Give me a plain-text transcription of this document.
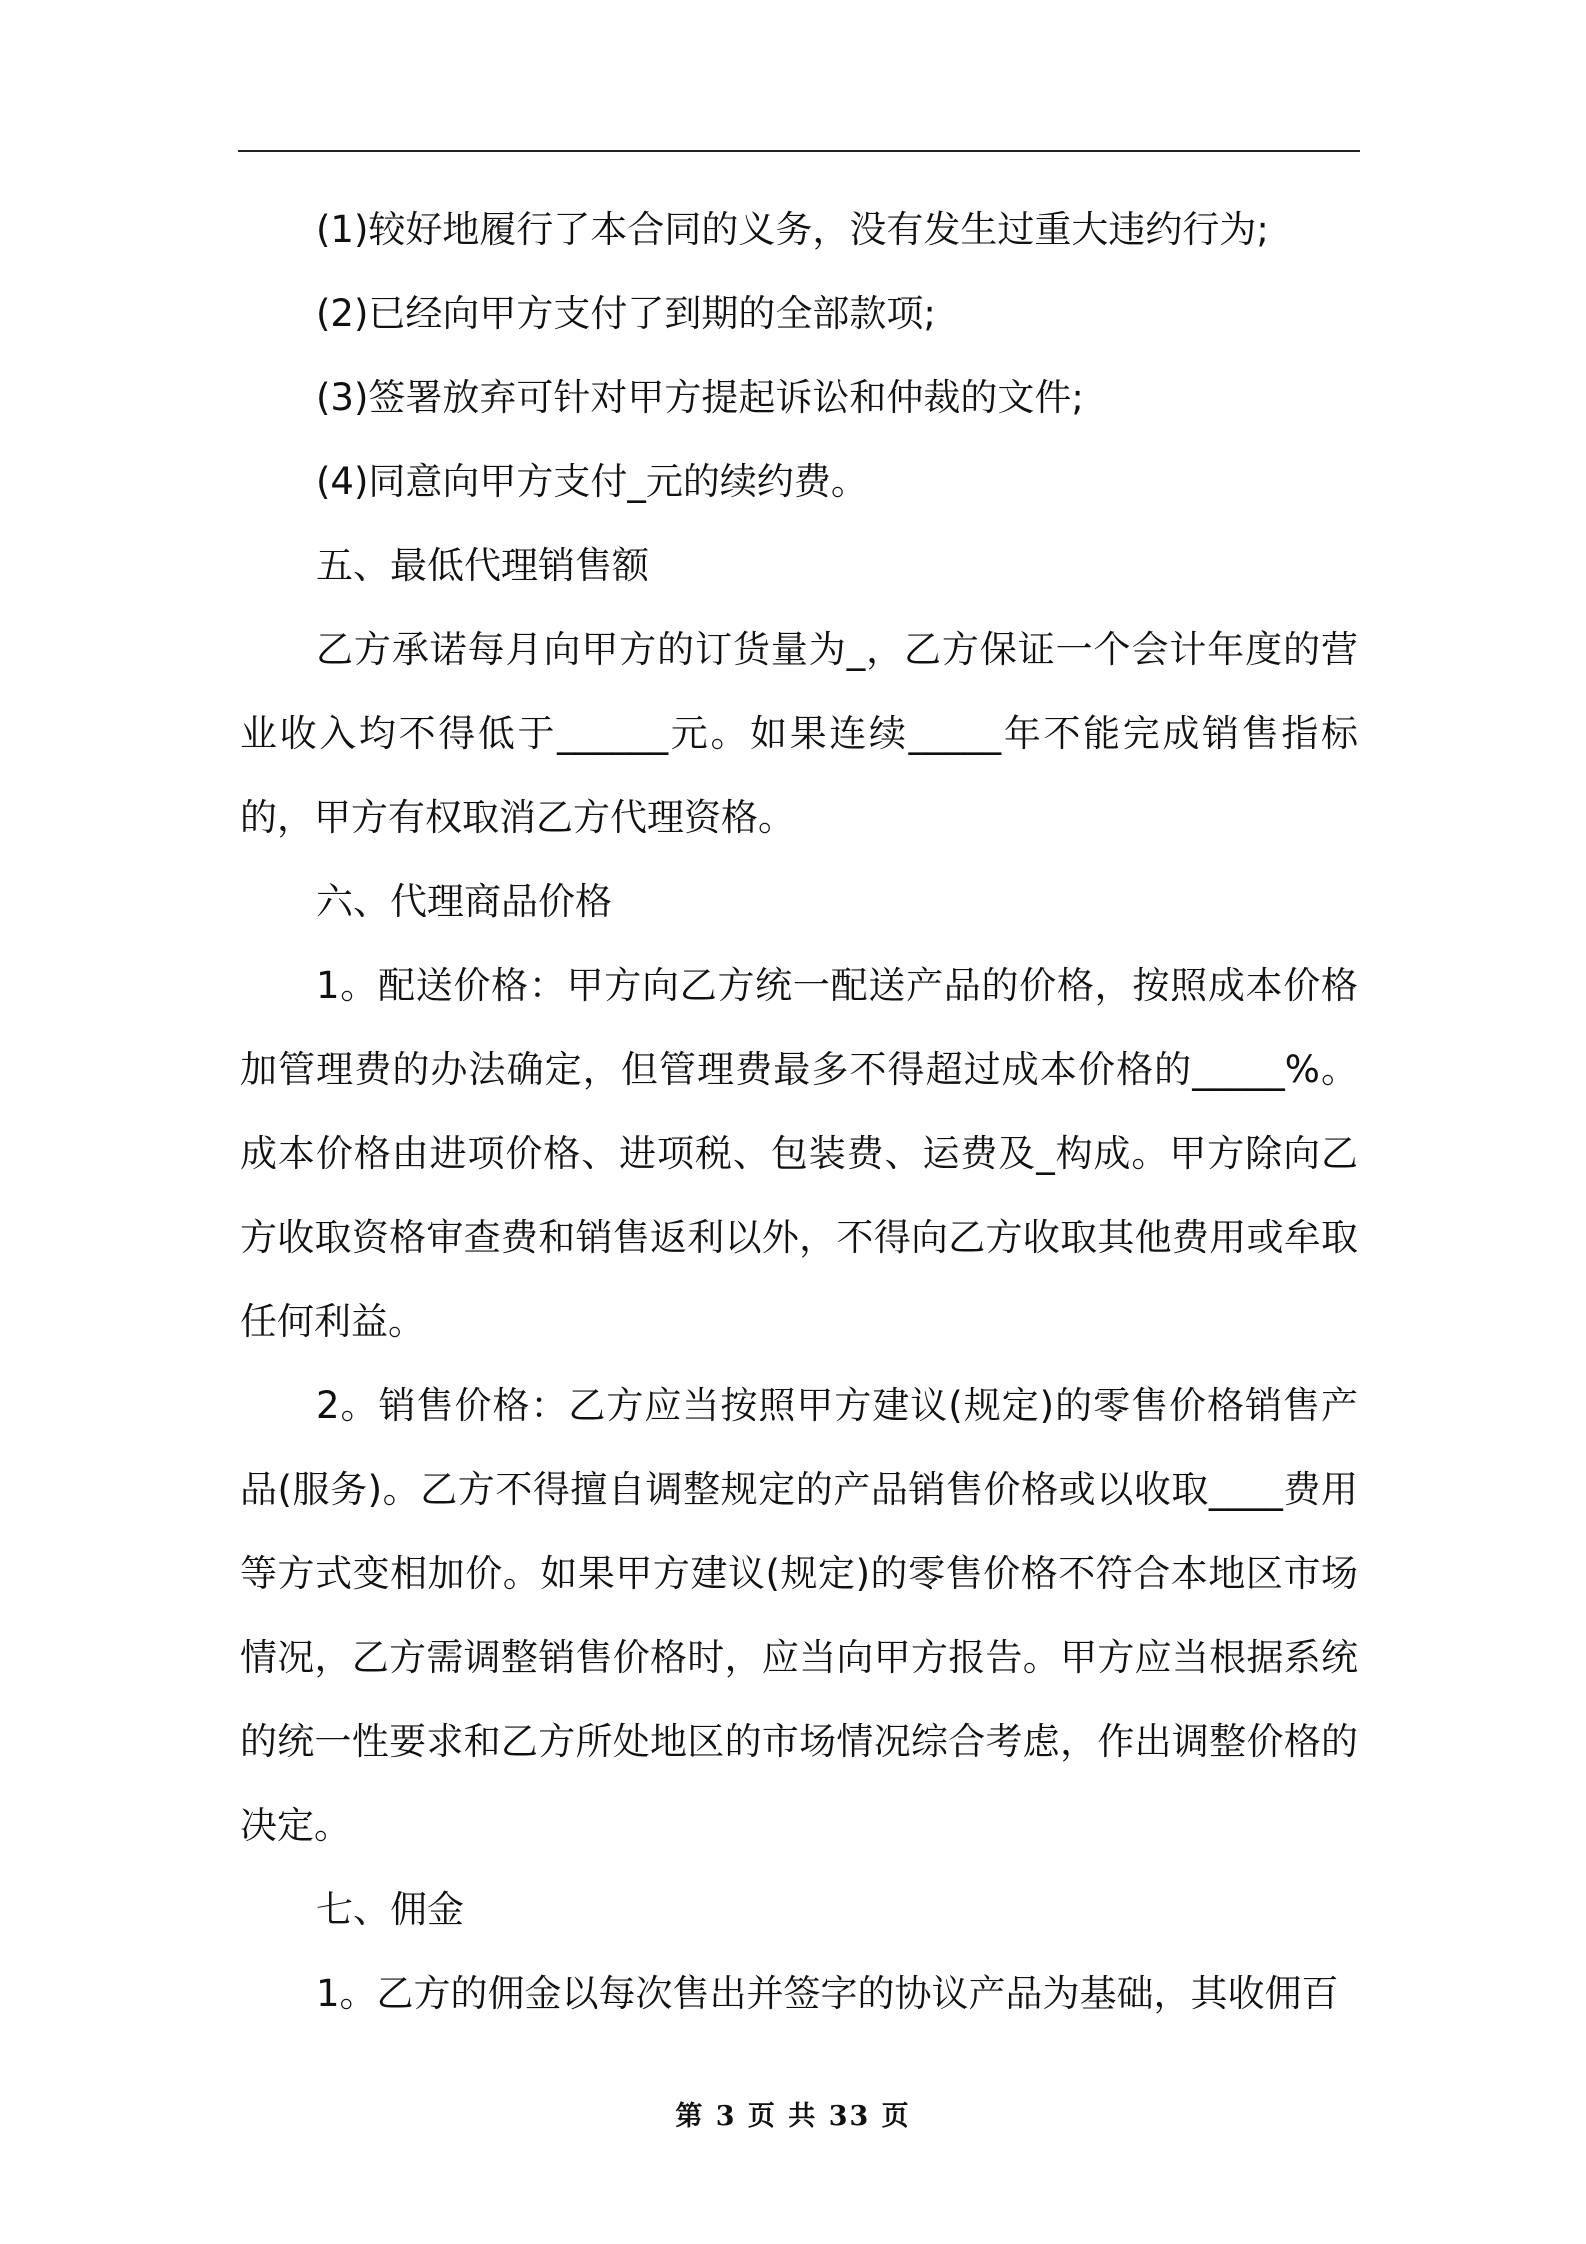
(1)较好地履行了本合同的义务，没有发生过重大违约行为;

(2)已经向甲方支付了到期的全部款项;

(3)签署放弃可针对甲方提起诉讼和仲裁的文件;

(4)同意向甲方支付_元的续约费。

五、最低代理销售额

乙方承诺每月向甲方的订货量为_，乙方保证一个会计年度的营业收入均不得低于______元。如果连续_____年不能完成销售指标的，甲方有权取消乙方代理资格。

六、代理商品价格

1。配送价格：甲方向乙方统一配送产品的价格，按照成本价格加管理费的办法确定，但管理费最多不得超过成本价格的_____%。成本价格由进项价格、进项税、包装费、运费及_构成。甲方除向乙方收取资格审查费和销售返利以外，不得向乙方收取其他费用或牟取任何利益。

2。销售价格：乙方应当按照甲方建议(规定)的零售价格销售产品(服务)。乙方不得擅自调整规定的产品销售价格或以收取____费用等方式变相加价。如果甲方建议(规定)的零售价格不符合本地区市场情况，乙方需调整销售价格时，应当向甲方报告。甲方应当根据系统的统一性要求和乙方所处地区的市场情况综合考虑，作出调整价格的决定。

七、佣金

1。乙方的佣金以每次售出并签字的协议产品为基础，其收佣百

第 3 页 共 33 页
